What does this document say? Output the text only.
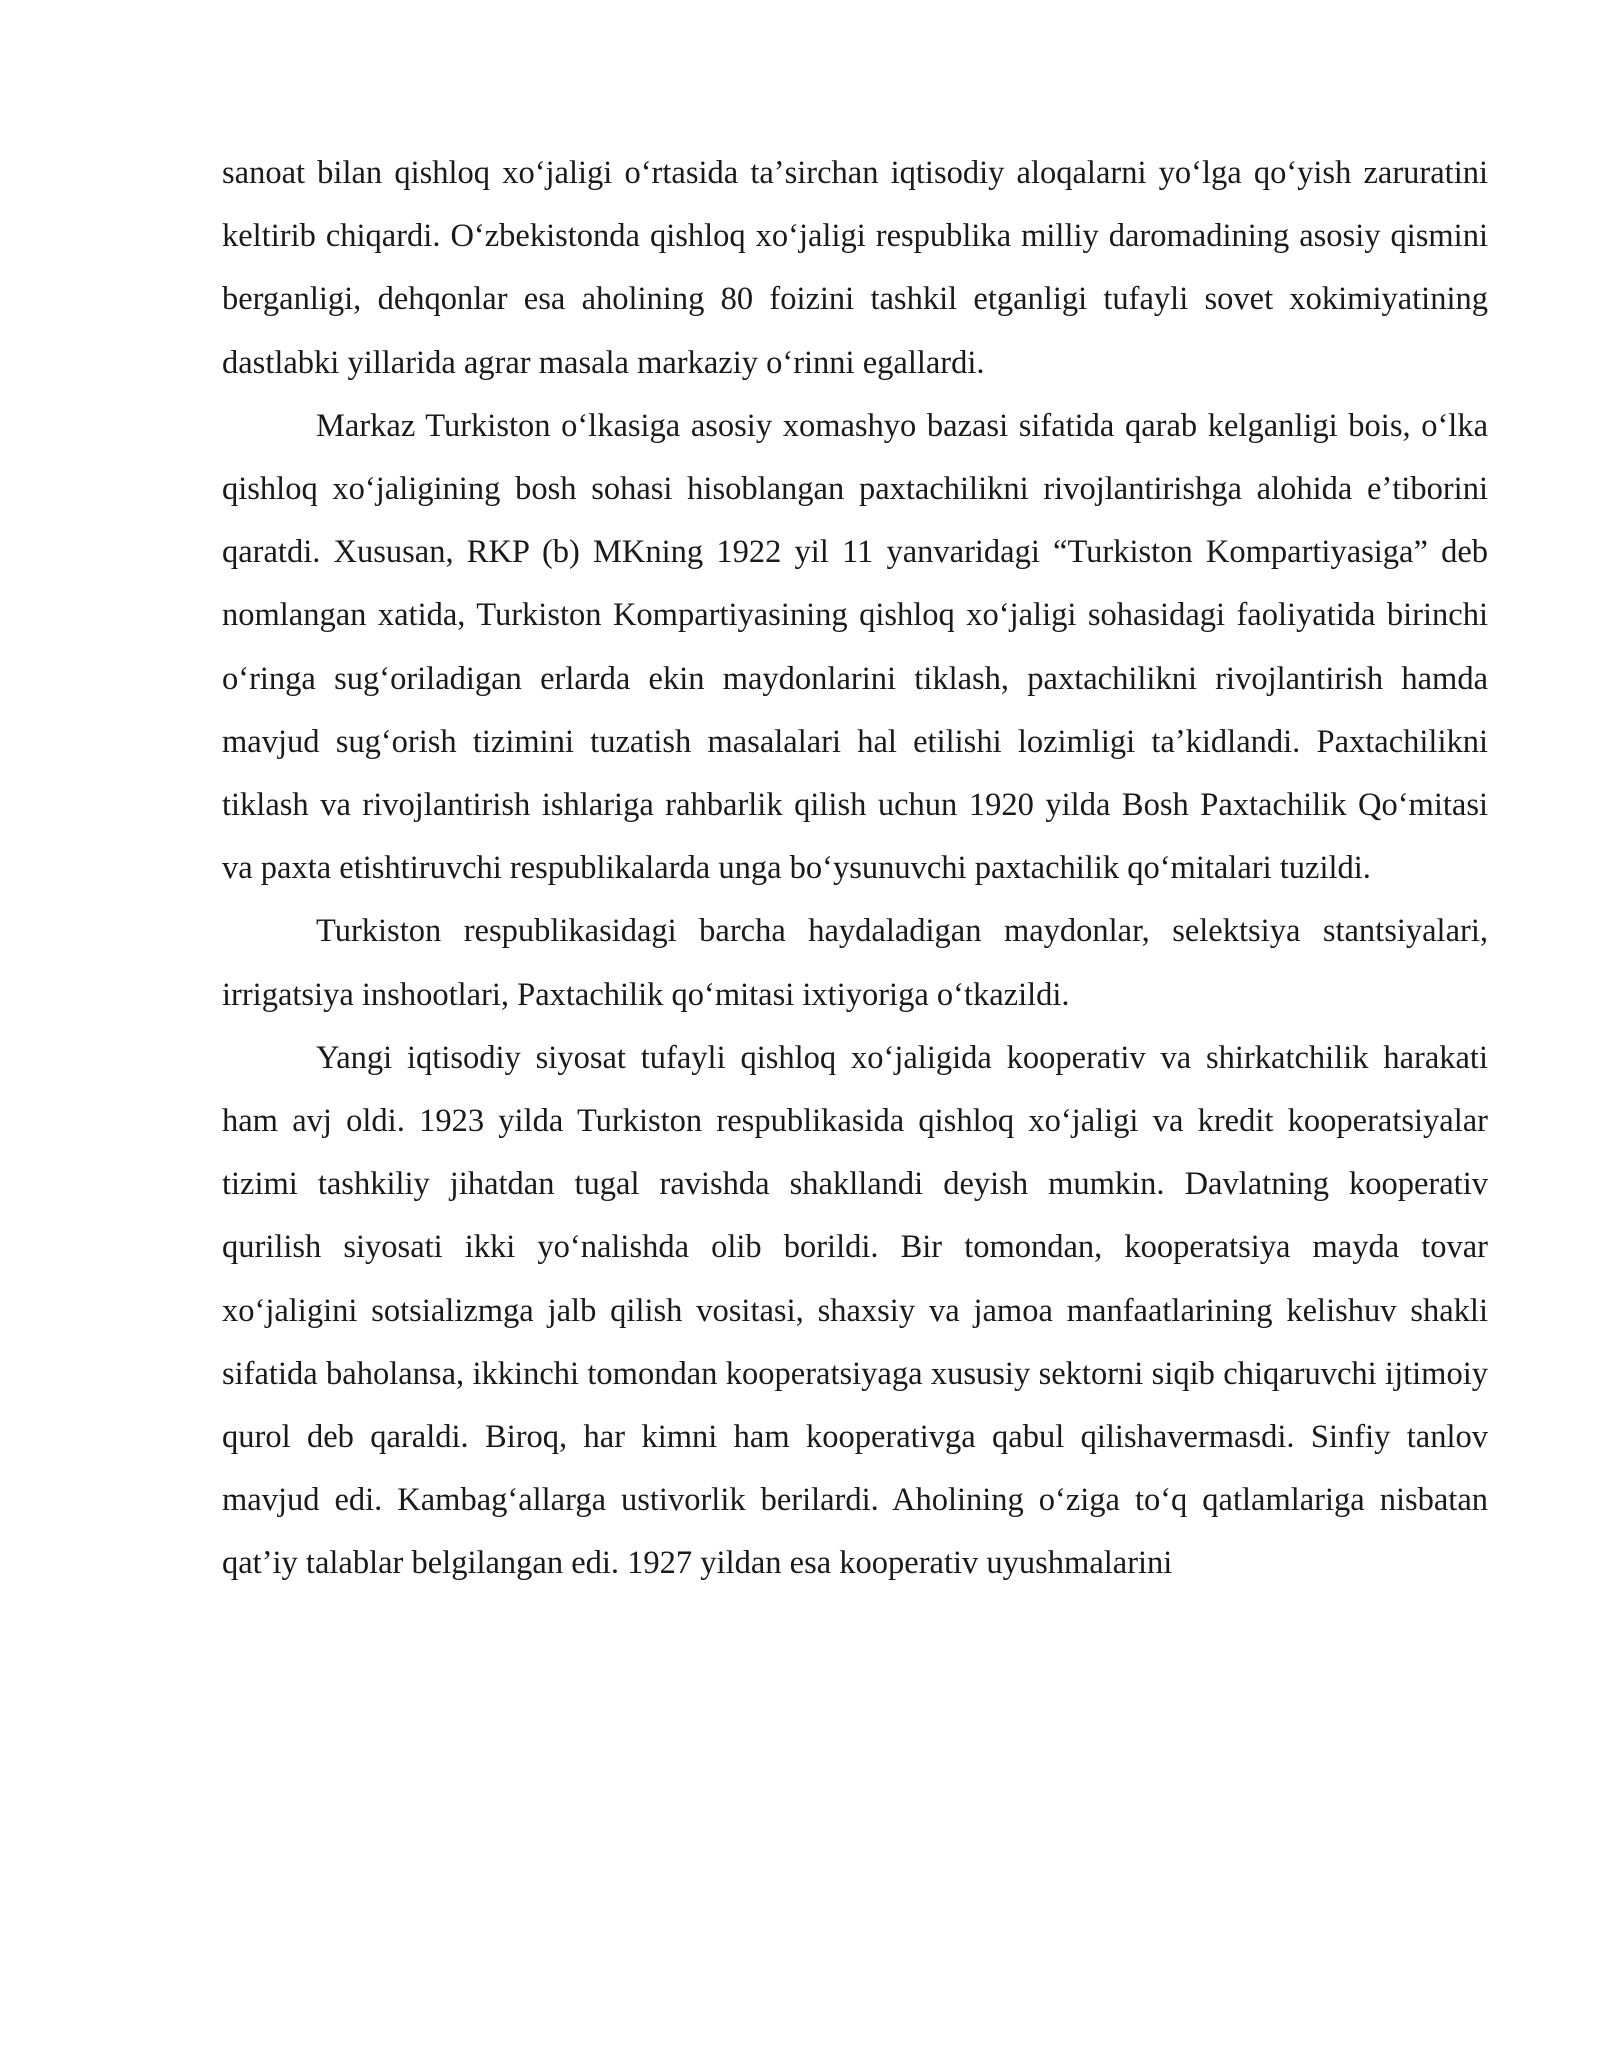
sanoat bilan qishloq xoʻjaligi oʻrtasida taʼsirchan iqtisodiy aloqalarni yoʻlga qoʻyish zaruratini keltirib chiqardi. Oʻzbekistonda qishloq xoʻjaligi respublika milliy daromadining asosiy qismini berganligi, dehqonlar esa aholining 80 foizini tashkil etganligi tufayli sovet xokimiyatining dastlabki yillarida agrar masala markaziy oʻrinni egallardi.

Markaz Turkiston oʻlkasiga asosiy xomashyo bazasi sifatida qarab kelganligi bois, oʻlka qishloq xoʻjaligining bosh sohasi hisoblangan paxtachilikni rivojlantirishga alohida eʼtiborini qaratdi. Xususan, RKP (b) MKning 1922 yil 11 yanvaridagi “Turkiston Kompartiyasiga” deb nomlangan xatida, Turkiston Kompartiyasining qishloq xoʻjaligi sohasidagi faoliyatida birinchi oʻringa sugʻoriladigan erlarda ekin maydonlarini tiklash, paxtachilikni rivojlantirish hamda mavjud sugʻorish tizimini tuzatish masalalari hal etilishi lozimligi taʼkidlandi. Paxtachilikni tiklash va rivojlantirish ishlariga rahbarlik qilish uchun 1920 yilda Bosh Paxtachilik Qoʻmitasi va paxta etishtiruvchi respublikalarda unga boʻysunuvchi paxtachilik qoʻmitalari tuzildi.

Turkiston respublikasidagi barcha haydaladigan maydonlar, selektsiya stantsiyalari, irrigatsiya inshootlari, Paxtachilik qoʻmitasi ixtiyoriga oʻtkazildi.

Yangi iqtisodiy siyosat tufayli qishloq xoʻjaligida kooperativ va shirkatchilik harakati ham avj oldi. 1923 yilda Turkiston respublikasida qishloq xoʻjaligi va kredit kooperatsiyalar tizimi tashkiliy jihatdan tugal ravishda shakllandi deyish mumkin. Davlatning kooperativ qurilish siyosati ikki yoʻnalishda olib borildi. Bir tomondan, kooperatsiya mayda tovar xoʻjaligini sotsializmga jalb qilish vositasi, shaxsiy va jamoa manfaatlarining kelishuv shakli sifatida baholansa, ikkinchi tomondan kooperatsiyaga xususiy sektorni siqib chiqaruvchi ijtimoiy qurol deb qaraldi. Biroq, har kimni ham kooperativga qabul qilishavermasdi. Sinfiy tanlov mavjud edi. Kambagʻallarga ustivorlik berilardi. Aholining oʻziga toʻq qatlamlariga nisbatan qatʼiy talablar belgilangan edi. 1927 yildan esa kooperativ uyushmalarini
